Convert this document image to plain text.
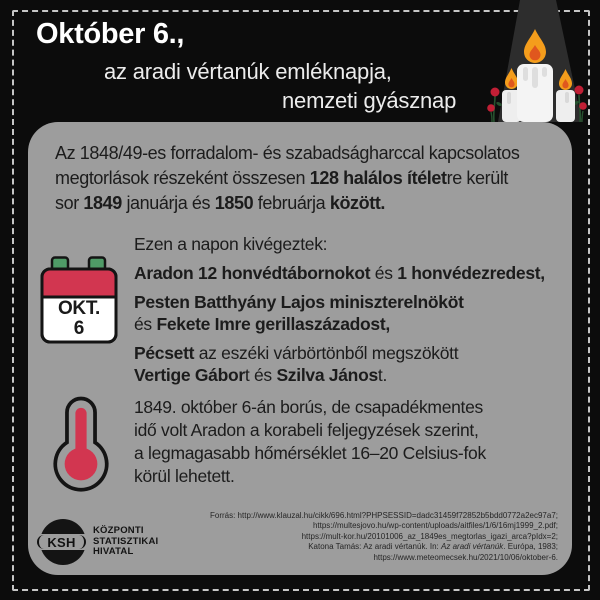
Október 6.,
az aradi vértanúk emléknapja,
nemzeti gyásznap

Az 1848/49-es forradalom- és szabadságharccal kapcsolatos
megtorlások részeként összesen 128 halálos ítéletre került
sor 1849 januárja és 1850 februárja között.

OKT.
6
Ezen a napon kivégeztek:
Aradon 12 honvédtábornokot és 1 honvédezredest,
Pesten Batthyány Lajos miniszterelnököt
és Fekete Imre gerillaszázadost,
Pécsett az eszéki várbörtönből megszökött
Vertige Gábort és Szilva Jánost.
1849. október 6-án borús, de csapadékmentes
idő volt Aradon a korabeli feljegyzések szerint,
a legmagasabb hőmérséklet 16–20 Celsius-fok
körül lehetett.
KSH
KÖZPONTI
STATISZTIKAI
HIVATAL
Forrás: http://www.klauzal.hu/cikk/696.html?PHPSESSID=dadc31459f72852b5bdd0772a2ec97a7;
https://multesjovo.hu/wp-content/uploads/aitfiles/1/6/16mj1999_2.pdf;
https://mult-kor.hu/20101006_az_1849es_megtorlas_igazi_arca?pIdx=2;
Katona Tamás: Az aradi vértanúk. In: Az aradi vértanúk. Európa, 1983;
https://www.meteomecsek.hu/2021/10/06/oktober-6.
